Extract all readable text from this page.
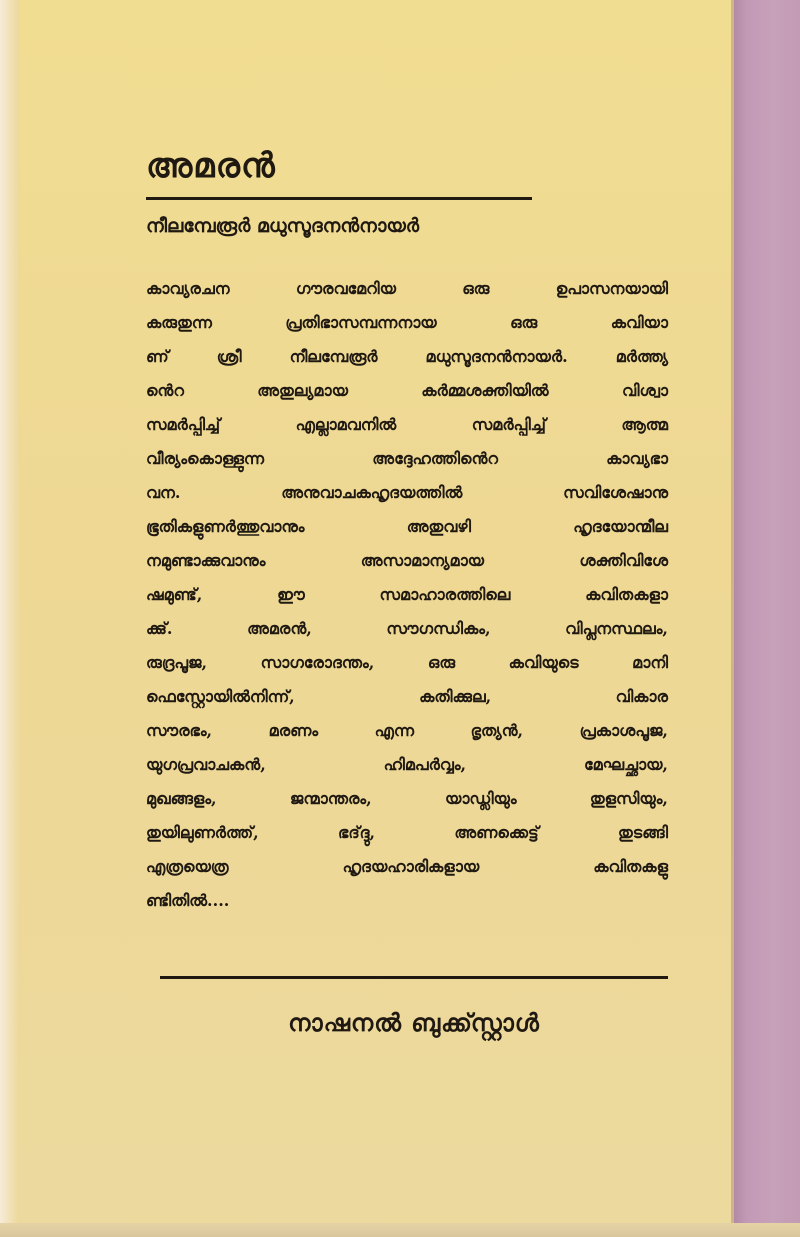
അമരൻ
നീലമ്പേരൂർ മധുസൂദനൻനായർ
കാവ്യരചന ഗൗരവമേറിയ ഒരു ഉപാസനയായി
കരുതുന്ന പ്രതിഭാസമ്പന്നനായ ഒരു കവിയാ
ണ് ശ്രീ നീലമ്പേരൂർ മധുസൂദനൻനായർ. മർത്ത്യ
ൻെറ അതുല്യമായ കർമ്മശക്തിയിൽ വിശ്വാ
സമർപ്പിച്ച് എല്ലാമവനിൽ സമർപ്പിച്ച് ആത്മ
വീര്യംകൊള്ളുന്ന അദ്ദേഹത്തിൻെറ കാവ്യഭാ
വന. അനുവാചകഹൃദയത്തിൽ സവിശേഷാനു
ഭൂതികളുണർത്തുവാനും അതുവഴി ഹൃദയോന്മീല
നമുണ്ടാക്കുവാനും അസാമാന്യമായ ശക്തിവിശേ
ഷമുണ്ട്, ഈ സമാഹാരത്തിലെ കവിതകളാ
ക്കു്. അമരൻ, സൗഗന്ധികം, വിപ്ലനസ്ഥലം,
രുദ്രപൂജ, സാഗരോദന്തം, ഒരു കവിയുടെ മാനി
ഫെസ്റ്റോയിൽനിന്ന്, കതിക്കുല, വികാര
സൗരഭം, മരണം എന്ന ഭൃത്യൻ, പ്രകാശപൂജ,
യുഗപ്രവാചകൻ, ഹിമപർവ്വം, മേഘച്ഛായ,
മുഖങ്ങളം, ജന്മാന്തരം, യാഡ്ലിയും തുളസിയും,
തുയിലുണർത്ത്, ഭദ്ദ്ദു, അണക്കെട്ട് തുടങ്ങി
എത്രയെത്ര ഹൃദയഹാരികളായ കവിതകളു
ണ്ടിതിൽ....
നാഷനൽ ബുക്ക്സ്റ്റാൾ
